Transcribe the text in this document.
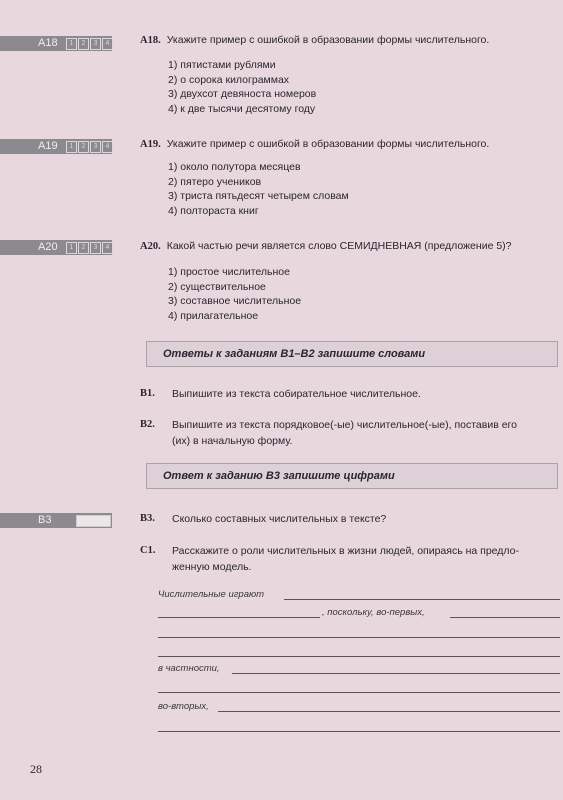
A18	1	2	3	4
A19	1	2	3	4
A20	1	2	3	4
B3
А18. Укажите пример с ошибкой в образовании формы числительного.
1) пятистами рублями
2) о сорока килограммах
3) двухсот девяноста номеров
4) к две тысячи десятому году
А19. Укажите пример с ошибкой в образовании формы числительного.
1) около полутора месяцев
2) пятеро учеников
3) триста пятьдесят четырем словам
4) полтораста книг
А20. Какой частью речи является слово СЕМИДНЕВНАЯ (предложение 5)?
1) простое числительное
2) существительное
3) составное числительное
4) прилагательное
Ответы к заданиям В1–В2 запишите словами
В1. Выпишите из текста собирательное числительное.
В2. Выпишите из текста порядковое(-ые) числительное(-ые), поставив его
(их) в начальную форму.
Ответ к заданию В3 запишите цифрами
В3. Сколько составных числительных в тексте?
С1. Расскажите о роли числительных в жизни людей, опираясь на предло-
женную модель.
Числительные играют
, поскольку, во-первых,
в частности,
во-вторых,
28
